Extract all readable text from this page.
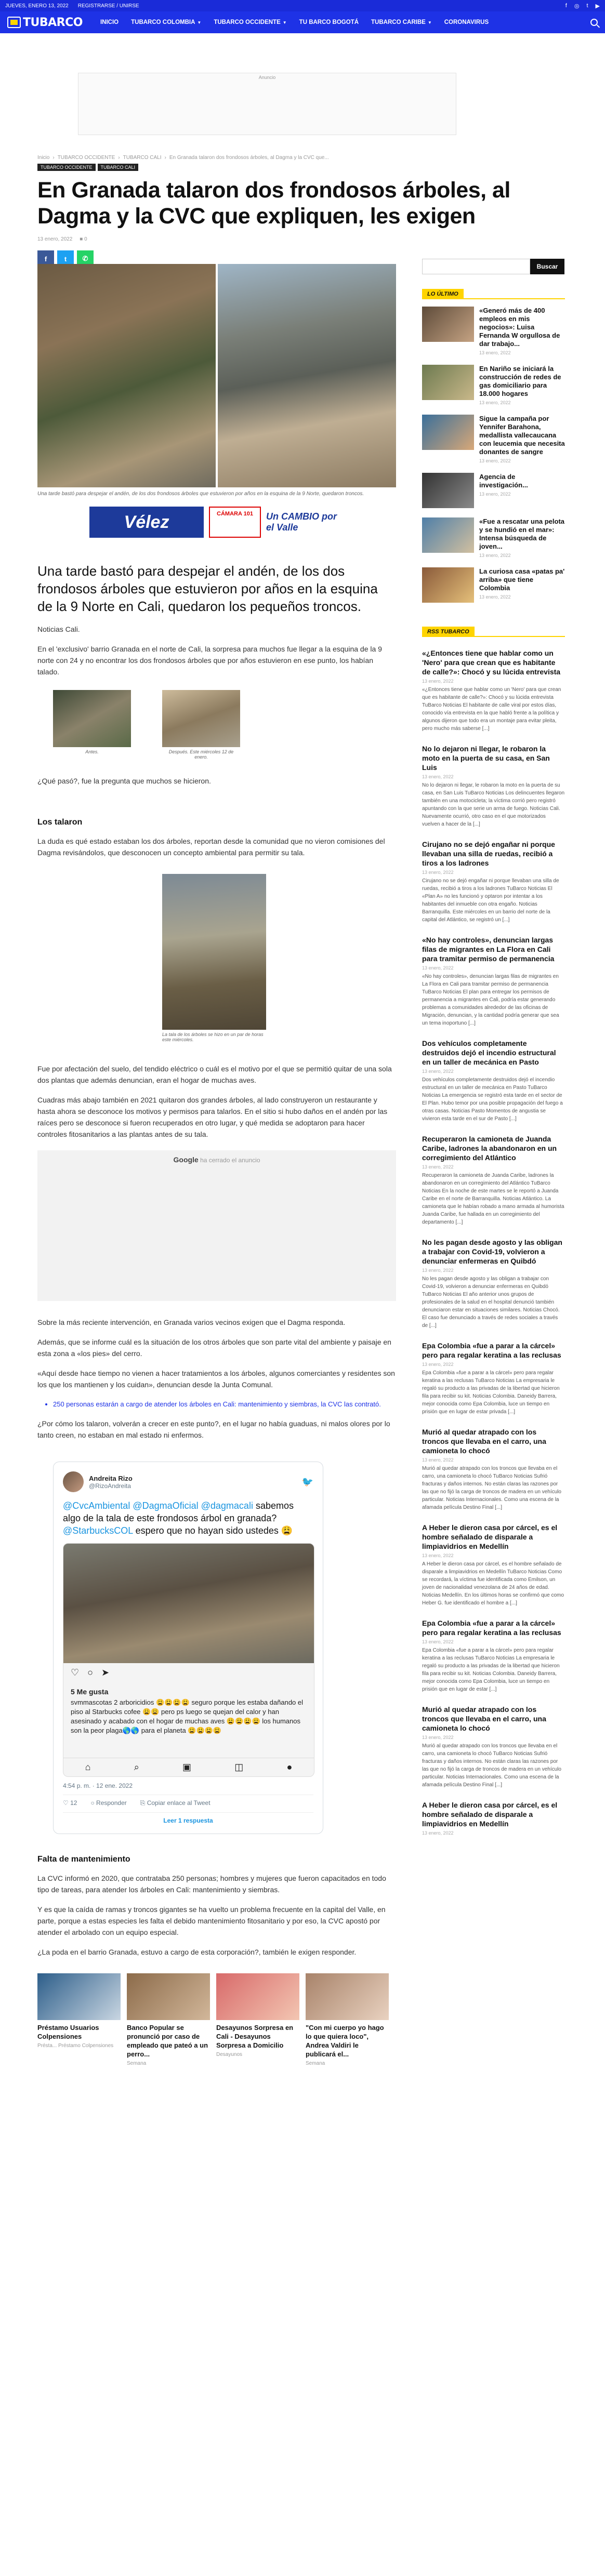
JUEVES, ENERO 13, 2022 REGISTRARSE / UNIRSE	f ◎ t ▶
TUBARCO	INICIO TUBARCO COLOMBIA ▼ TUBARCO OCCIDENTE ▼ TU BARCO BOGOTÁ TUBARCO CARIBE ▼ CORONAVIRUS
Anuncio
Inicio › TUBARCO OCCIDENTE › TUBARCO CALI › En Granada talaron dos frondosos árboles, al Dagma y la CVC que...
TUBARCO OCCIDENTE	TUBARCO CALI
En Granada talaron dos frondosos árboles, al Dagma y la CVC que expliquen, les exigen
13 enero, 2022 ■ 0
f	t	✆
Una tarde bastó para despejar el andén, de los dos frondosos árboles que estuvieron por años en la esquina de la 9 Norte, quedaron troncos.
Vélez	CÁMARA 101	Un CAMBIO por el Valle
Una tarde bastó para despejar el andén, de los dos frondosos árboles que estuvieron por años en la esquina de la 9 Norte en Cali, quedaron los pequeños troncos.

Noticias Cali.

En el 'exclusivo' barrio Granada en el norte de Cali, la sorpresa para muchos fue llegar a la esquina de la 9 norte con 24 y no encontrar los dos frondosos árboles que por años estuvieron en ese punto, los habían talado.

Antes.	Después. Este miércoles 12 de enero.

¿Qué pasó?, fue la pregunta que muchos se hicieron.

Los talaron

La duda es qué estado estaban los dos árboles, reportan desde la comunidad que no vieron comisiones del Dagma revisándolos, que desconocen un concepto ambiental para permitir su tala.

La tala de los árboles se hizo en un par de horas este miércoles.

Fue por afectación del suelo, del tendido eléctrico o cuál es el motivo por el que se permitió quitar de una sola dos plantas que además denuncian, eran el hogar de muchas aves.

Cuadras más abajo también en 2021 quitaron dos grandes árboles, al lado construyeron un restaurante y hasta ahora se desconoce los motivos y permisos para talarlos. En el sitio si hubo daños en el andén por las raíces pero se desconoce si fueron recuperados en otro lugar, y qué medida se adoptaron para hacer controles fitosanitarios a las plantas antes de su tala.

Google ha cerrado el anuncio

Sobre la más reciente intervención, en Granada varios vecinos exigen que el Dagma responda.

Además, que se informe cuál es la situación de los otros árboles que son parte vital del ambiente y paisaje en esta zona a «los pies» del cerro.

«Aquí desde hace tiempo no vienen a hacer tratamientos a los árboles, algunos comerciantes y residentes son los que los mantienen y los cuidan», denuncian desde la Junta Comunal.

• 250 personas estarán a cargo de atender los árboles en Cali: mantenimiento y siembras, la CVC las contrató.

¿Por cómo los talaron, volverán a crecer en este punto?, en el lugar no había guaduas, ni malos olores por lo tanto creen, no estaban en mal estado ni enfermos.

Andreita Rizo
@RizoAndreita	🐦
@CvcAmbiental @DagmaOficial @dagmacali sabemos algo de la tala de este frondosos árbol en granada? @StarbucksCOL espero que no hayan sido ustedes 😩
♡ ○ ➤
5 Me gusta
svmmascotas 2 arboricidios 😩😩😩😩 seguro porque les estaba dañando el piso al Starbucks cofee 😩😩 pero ps luego se quejan del calor y han asesinado y acabado con el hogar de muchas aves 😩😩😩😩 los humanos son la peor plaga🌎🌎 para el planeta 😩😩😩😩
⌂	⌕	▣	◫	●
4:54 p. m. · 12 ene. 2022
♡ 12 ○ Responder ⎘ Copiar enlace al Tweet
Leer 1 respuesta
Falta de mantenimiento

La CVC informó en 2020, que contrataba 250 personas; hombres y mujeres que fueron capacitados en todo tipo de tareas, para atender los árboles en Cali: mantenimiento y siembras.

Y es que la caída de ramas y troncos gigantes se ha vuelto un problema frecuente en la capital del Valle, en parte, porque a estas especies les falta el debido mantenimiento fitosanitario y por eso, la CVC apostó por atender el arbolado con un equipo especial.

¿La poda en el barrio Granada, estuvo a cargo de esta corporación?, también le exigen responder.

Préstamo Usuarios Colpensiones
Présta... Préstamo Colpensiones
Banco Popular se pronunció por caso de empleado que pateó a un perro...
Semana
Desayunos Sorpresa en Cali - Desayunos Sorpresa a Domicilio
Desayunos
"Con mi cuerpo yo hago lo que quiera loco", Andrea Valdiri le publicará el...
Semana
Buscar
LO ÚLTIMO
«Generó más de 400 empleos en mis negocios»: Luisa Fernanda W orgullosa de dar trabajo...
13 enero, 2022
En Nariño se iniciará la construcción de redes de gas domiciliario para 18.000 hogares
13 enero, 2022
Sigue la campaña por Yennifer Barahona, medallista vallecaucana con leucemia que necesita donantes de sangre
13 enero, 2022
Agencia de investigación...
13 enero, 2022
«Fue a rescatar una pelota y se hundió en el mar»: Intensa búsqueda de joven...
13 enero, 2022
La curiosa casa «patas pa' arriba» que tiene Colombia
13 enero, 2022
RSS TUBARCO
«¿Entonces tiene que hablar como un 'Nero' para que crean que es habitante de calle?»: Chocó y su lúcida entrevista
13 enero, 2022
«¿Entonces tiene que hablar como un 'Nero' para que crean que es habitante de calle?»: Chocó y su lúcida entrevista TuBarco Noticias El habitante de calle viral por estos días, conocido vía entrevista en la que habló frente a la política y algunos dijeron que todo era un montaje para evitar pleita, pero mucho más saberse [...]
No lo dejaron ni llegar, le robaron la moto en la puerta de su casa, en San Luis
13 enero, 2022
No lo dejaron ni llegar, le robaron la moto en la puerta de su casa, en San Luis TuBarco Noticias Los delincuentes llegaron también en una motocicleta; la víctima corrió pero registró apuntando con la que serie un arma de fuego. Noticias Cali. Nuevamente ocurrió, otro caso en el que motorizados vuelven a hacer de la [...]
Cirujano no se dejó engañar ni porque llevaban una silla de ruedas, recibió a tiros a los ladrones
13 enero, 2022
Cirujano no se dejó engañar ni porque llevaban una silla de ruedas, recibió a tiros a los ladrones TuBarco Noticias El «Plan A» no les funcionó y optaron por intentar a los habitantes del inmueble con otra engaño. Noticias Barranquilla. Este miércoles en un barrio del norte de la capital del Atlántico, se registró un [...]
«No hay controles», denuncian largas filas de migrantes en La Flora en Cali para tramitar permiso de permanencia
13 enero, 2022
«No hay controles», denuncian largas filas de migrantes en La Flora en Cali para tramitar permiso de permanencia TuBarco Noticias El plan para entregar los permisos de permanencia a migrantes en Cali, podría estar generando problemas a comunidades alrededor de las oficinas de Migración, denuncian, y la cantidad podría generar que sea un tema inoportuno [...]
Dos vehículos completamente destruidos dejó el incendio estructural en un taller de mecánica en Pasto
13 enero, 2022
Dos vehículos completamente destruidos dejó el incendio estructural en un taller de mecánica en Pasto TuBarco Noticias La emergencia se registró esta tarde en el sector de El Plan. Hubo temor por una posible propagación del fuego a otras casas. Noticias Pasto Momentos de angustia se vivieron esta tarde en el sur de Pasto [...]
Recuperaron la camioneta de Juanda Caribe, ladrones la abandonaron en un corregimiento del Atlántico
13 enero, 2022
Recuperaron la camioneta de Juanda Caribe, ladrones la abandonaron en un corregimiento del Atlántico TuBarco Noticias En la noche de este martes se le reportó a Juanda Caribe en el norte de Barranquilla. Noticias Atlántico. La camioneta que le habían robado a mano armada al humorista Juanda Caribe, fue hallada en un corregimiento del departamento [...]
No les pagan desde agosto y las obligan a trabajar con Covid-19, volvieron a denunciar enfermeras en Quibdó
13 enero, 2022
No les pagan desde agosto y las obligan a trabajar con Covid-19, volvieron a denunciar enfermeras en Quibdó TuBarco Noticias El año anterior unos grupos de profesionales de la salud en el hospital denunció también denunciaron estar en situaciones similares. Noticias Chocó. El caso fue denunciado a través de redes sociales a través de [...]
Epa Colombia «fue a parar a la cárcel» pero para regalar keratina a las reclusas
13 enero, 2022
Epa Colombia «fue a parar a la cárcel» pero para regalar keratina a las reclusas TuBarco Noticias La empresaria le regaló su producto a las privadas de la libertad que hicieron fila para recibir su kit. Noticias Colombia. Daneidy Barrera, mejor conocida como Epa Colombia, luce un tiempo en prisión que en lugar de estar privada [...]
Murió al quedar atrapado con los troncos que llevaba en el carro, una camioneta lo chocó
13 enero, 2022
Murió al quedar atrapado con los troncos que llevaba en el carro, una camioneta lo chocó TuBarco Noticias Sufrió fracturas y daños internos. No están claras las razones por las que no fijó la carga de troncos de madera en un vehículo particular. Noticias Internacionales. Como una escena de la afamada película Destino Final [...]
A Heber le dieron casa por cárcel, es el hombre señalado de disparale a limpiavidrios en Medellín
13 enero, 2022
A Heber le dieron casa por cárcel, es el hombre señalado de disparale a limpiavidrios en Medellín TuBarco Noticias Como se recordará, la víctima fue identificada como Emilson, un joven de nacionalidad venezolana de 24 años de edad. Noticias Medellín. En los últimos horas se confirmó que como Heber G. fue identificado el hombre a [...]
Epa Colombia «fue a parar a la cárcel» pero para regalar keratina a las reclusas
13 enero, 2022
Epa Colombia «fue a parar a la cárcel» pero para regalar keratina a las reclusas TuBarco Noticias La empresaria le regaló su producto a las privadas de la libertad que hicieron fila para recibir su kit. Noticias Colombia. Daneidy Barrera, mejor conocida como Epa Colombia, luce un tiempo en prisión que en lugar de estar [...]
Murió al quedar atrapado con los troncos que llevaba en el carro, una camioneta lo chocó
13 enero, 2022
Murió al quedar atrapado con los troncos que llevaba en el carro, una camioneta lo chocó TuBarco Noticias Sufrió fracturas y daños internos. No están claras las razones por las que no fijó la carga de troncos de madera en un vehículo particular. Noticias Internacionales. Como una escena de la afamada película Destino Final [...]
A Heber le dieron casa por cárcel, es el hombre señalado de disparale a limpiavidrios en Medellín
13 enero, 2022
